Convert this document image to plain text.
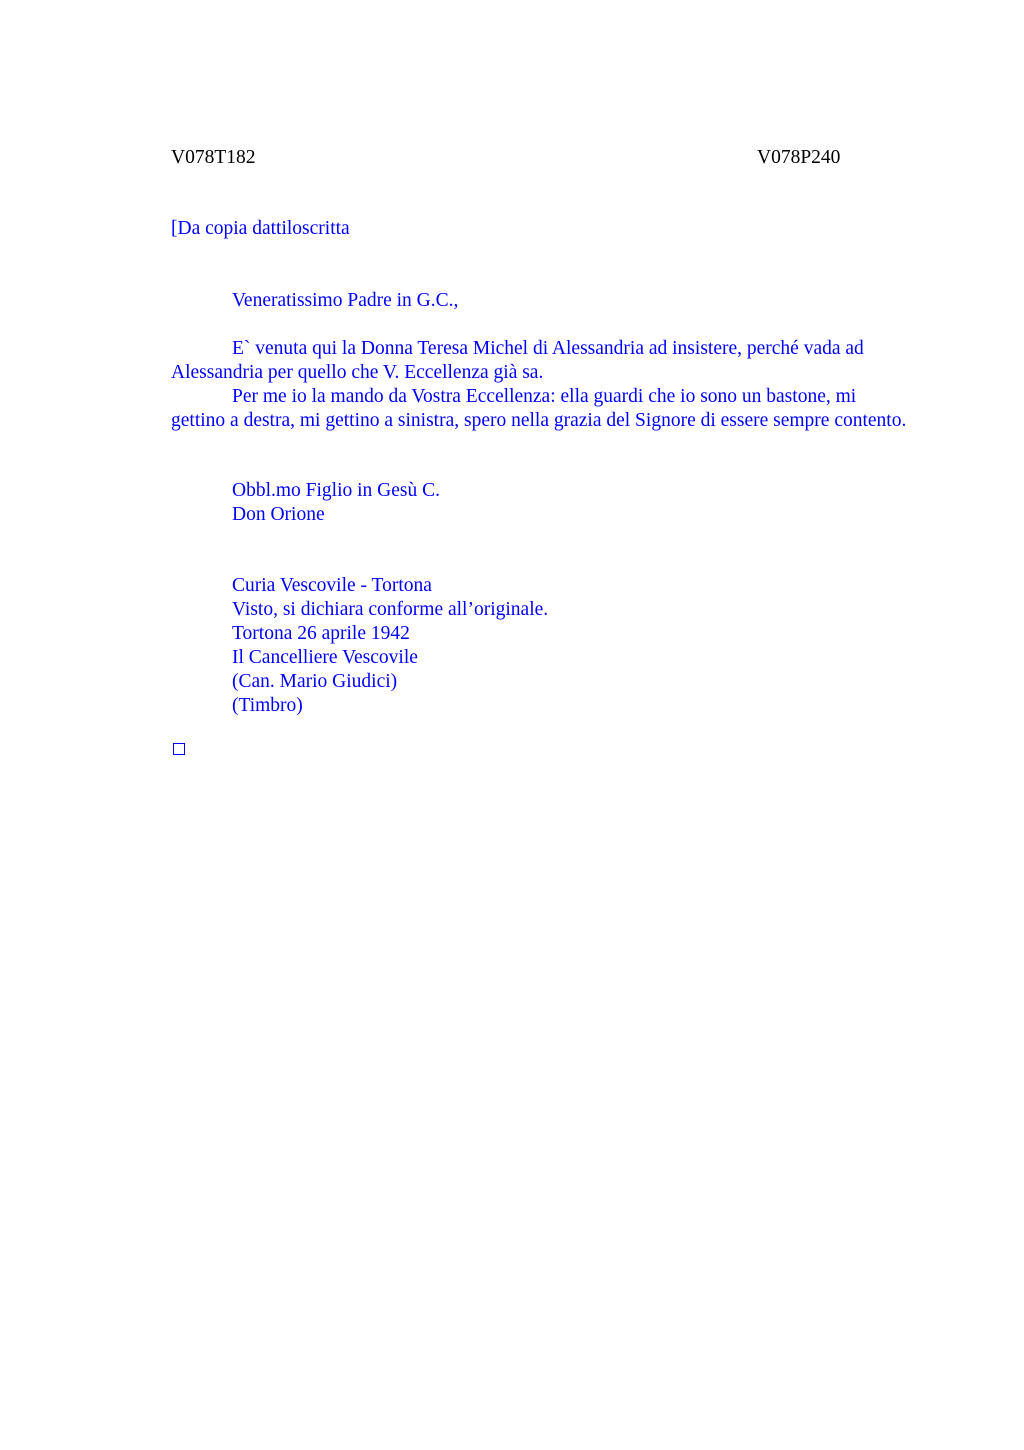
V078T182	V078P240
[Da copia dattiloscritta
Veneratissimo Padre in G.C.,

E` venuta qui la Donna Teresa Michel di Alessandria ad insistere, perché vada ad Alessandria per quello che V. Eccellenza già sa.

Per me io la mando da Vostra Eccellenza: ella guardi che io sono un bastone, mi gettino a destra, mi gettino a sinistra, spero nella grazia del Signore di essere sempre contento.

Obbl.mo Figlio in Gesù C.
Don Orione
Curia Vescovile - Tortona
Visto, si dichiara conforme all’originale.
Tortona 26 aprile 1942
Il Cancelliere Vescovile
(Can. Mario Giudici)
(Timbro)
